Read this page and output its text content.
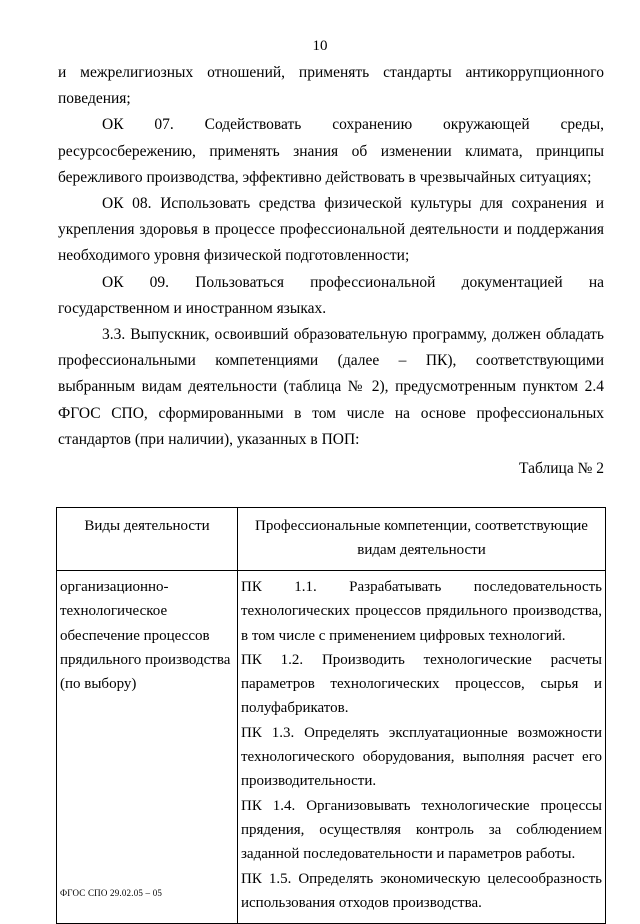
10

и межрелигиозных отношений, применять стандарты антикоррупционного поведения;

ОК 07. Содействовать сохранению окружающей среды, ресурсосбережению, применять знания об изменении климата, принципы бережливого производства, эффективно действовать в чрезвычайных ситуациях;

ОК 08. Использовать средства физической культуры для сохранения и укрепления здоровья в процессе профессиональной деятельности и поддержания необходимого уровня физической подготовленности;

ОК 09. Пользоваться профессиональной документацией на государственном и иностранном языках.

3.3. Выпускник, освоивший образовательную программу, должен обладать профессиональными компетенциями (далее – ПК), соответствующими выбранным видам деятельности (таблица № 2), предусмотренным пунктом 2.4 ФГОС СПО, сформированными в том числе на основе профессиональных стандартов (при наличии), указанных в ПОП:

Таблица № 2
Виды деятельности	Профессиональные компетенции, соответствующие видам деятельности
организационно-технологическое обеспечение процессов прядильного производства (по выбору)	ПК 1.1. Разрабатывать последовательность технологических процессов прядильного производства, в том числе с применением цифровых технологий.
ПК 1.2. Производить технологические расчеты параметров технологических процессов, сырья и полуфабрикатов.
ПК 1.3. Определять эксплуатационные возможности технологического оборудования, выполняя расчет его производительности.
ПК 1.4. Организовывать технологические процессы прядения, осуществляя контроль за соблюдением заданной последовательности и параметров работы.
ПК 1.5. Определять экономическую целесообразность использования отходов производства.
ФГОС СПО 29.02.05 – 05
